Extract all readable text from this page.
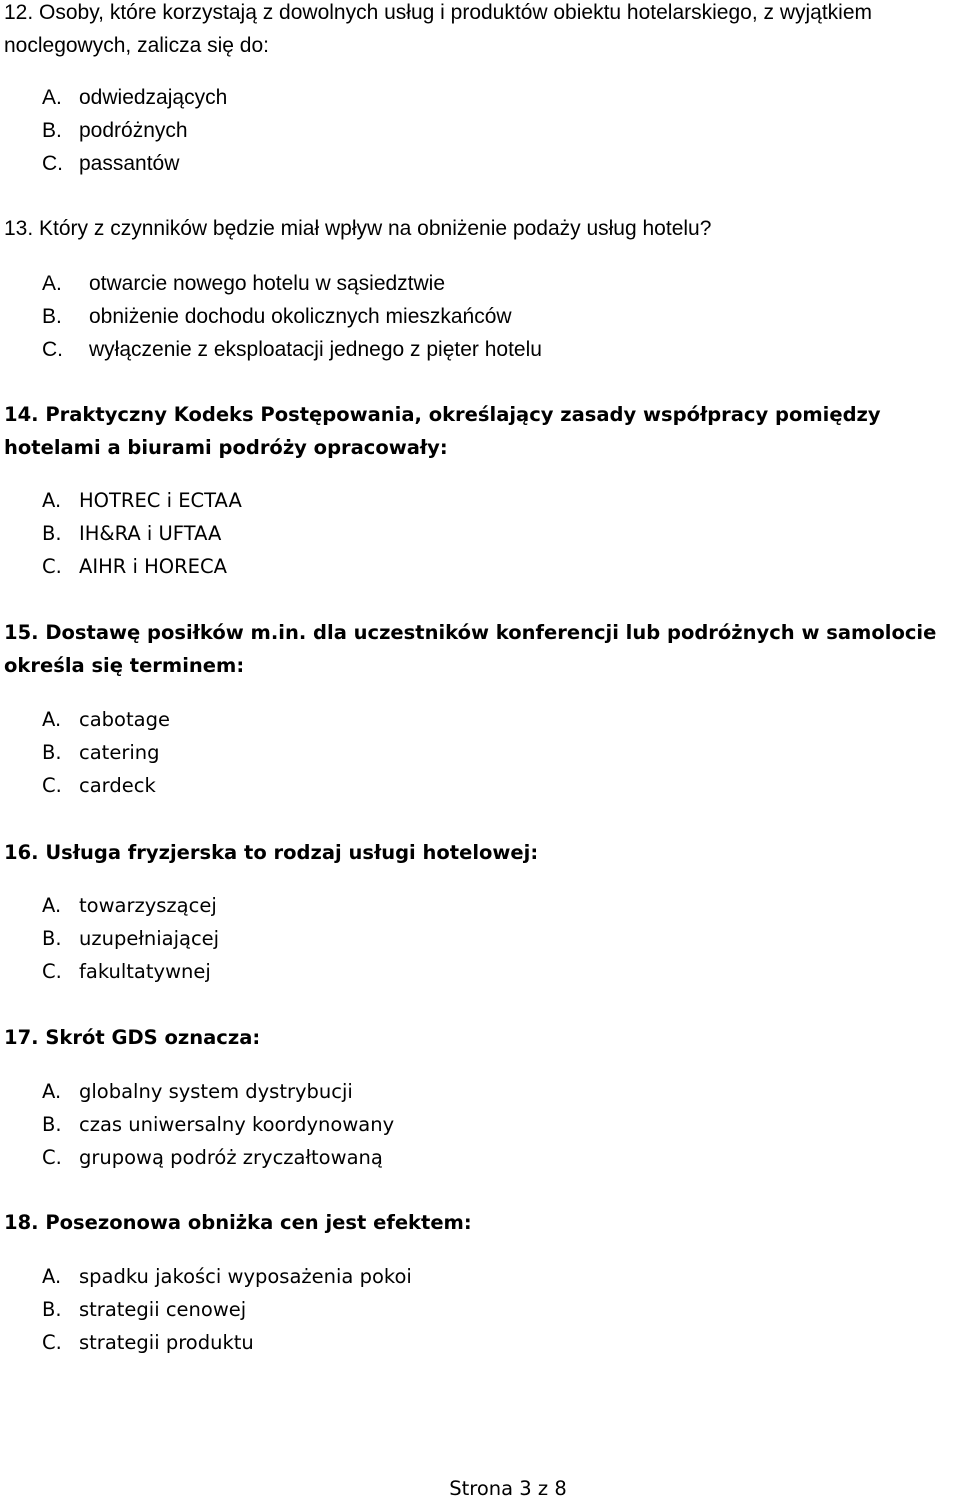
12. Osoby, które korzystają z dowolnych usług i produktów obiektu hotelarskiego, z wyjątkiem noclegowych, zalicza się do:

A. odwiedzających
B. podróżnych
C. passantów

13. Który z czynników będzie miał wpływ na obniżenie podaży usług hotelu?

A. otwarcie nowego hotelu w sąsiedztwie
B. obniżenie dochodu okolicznych mieszkańców
C. wyłączenie z eksploatacji jednego z pięter hotelu

14. Praktyczny Kodeks Postępowania, określający zasady współpracy pomiędzy hotelami a biurami podróży opracowały:

A. HOTREC i ECTAA
B. IH&RA i UFTAA
C. AIHR i HORECA

15. Dostawę posiłków m.in. dla uczestników konferencji lub podróżnych w samolocie określa się terminem:

A. cabotage
B. catering
C. cardeck

16. Usługa fryzjerska to rodzaj usługi hotelowej:

A. towarzyszącej
B. uzupełniającej
C. fakultatywnej

17. Skrót GDS oznacza:

A. globalny system dystrybucji
B. czas uniwersalny koordynowany
C. grupową podróż zryczałtowaną

18. Posezonowa obniżka cen jest efektem:

A. spadku jakości wyposażenia pokoi
B. strategii cenowej
C. strategii produktu
Strona 3 z 8
